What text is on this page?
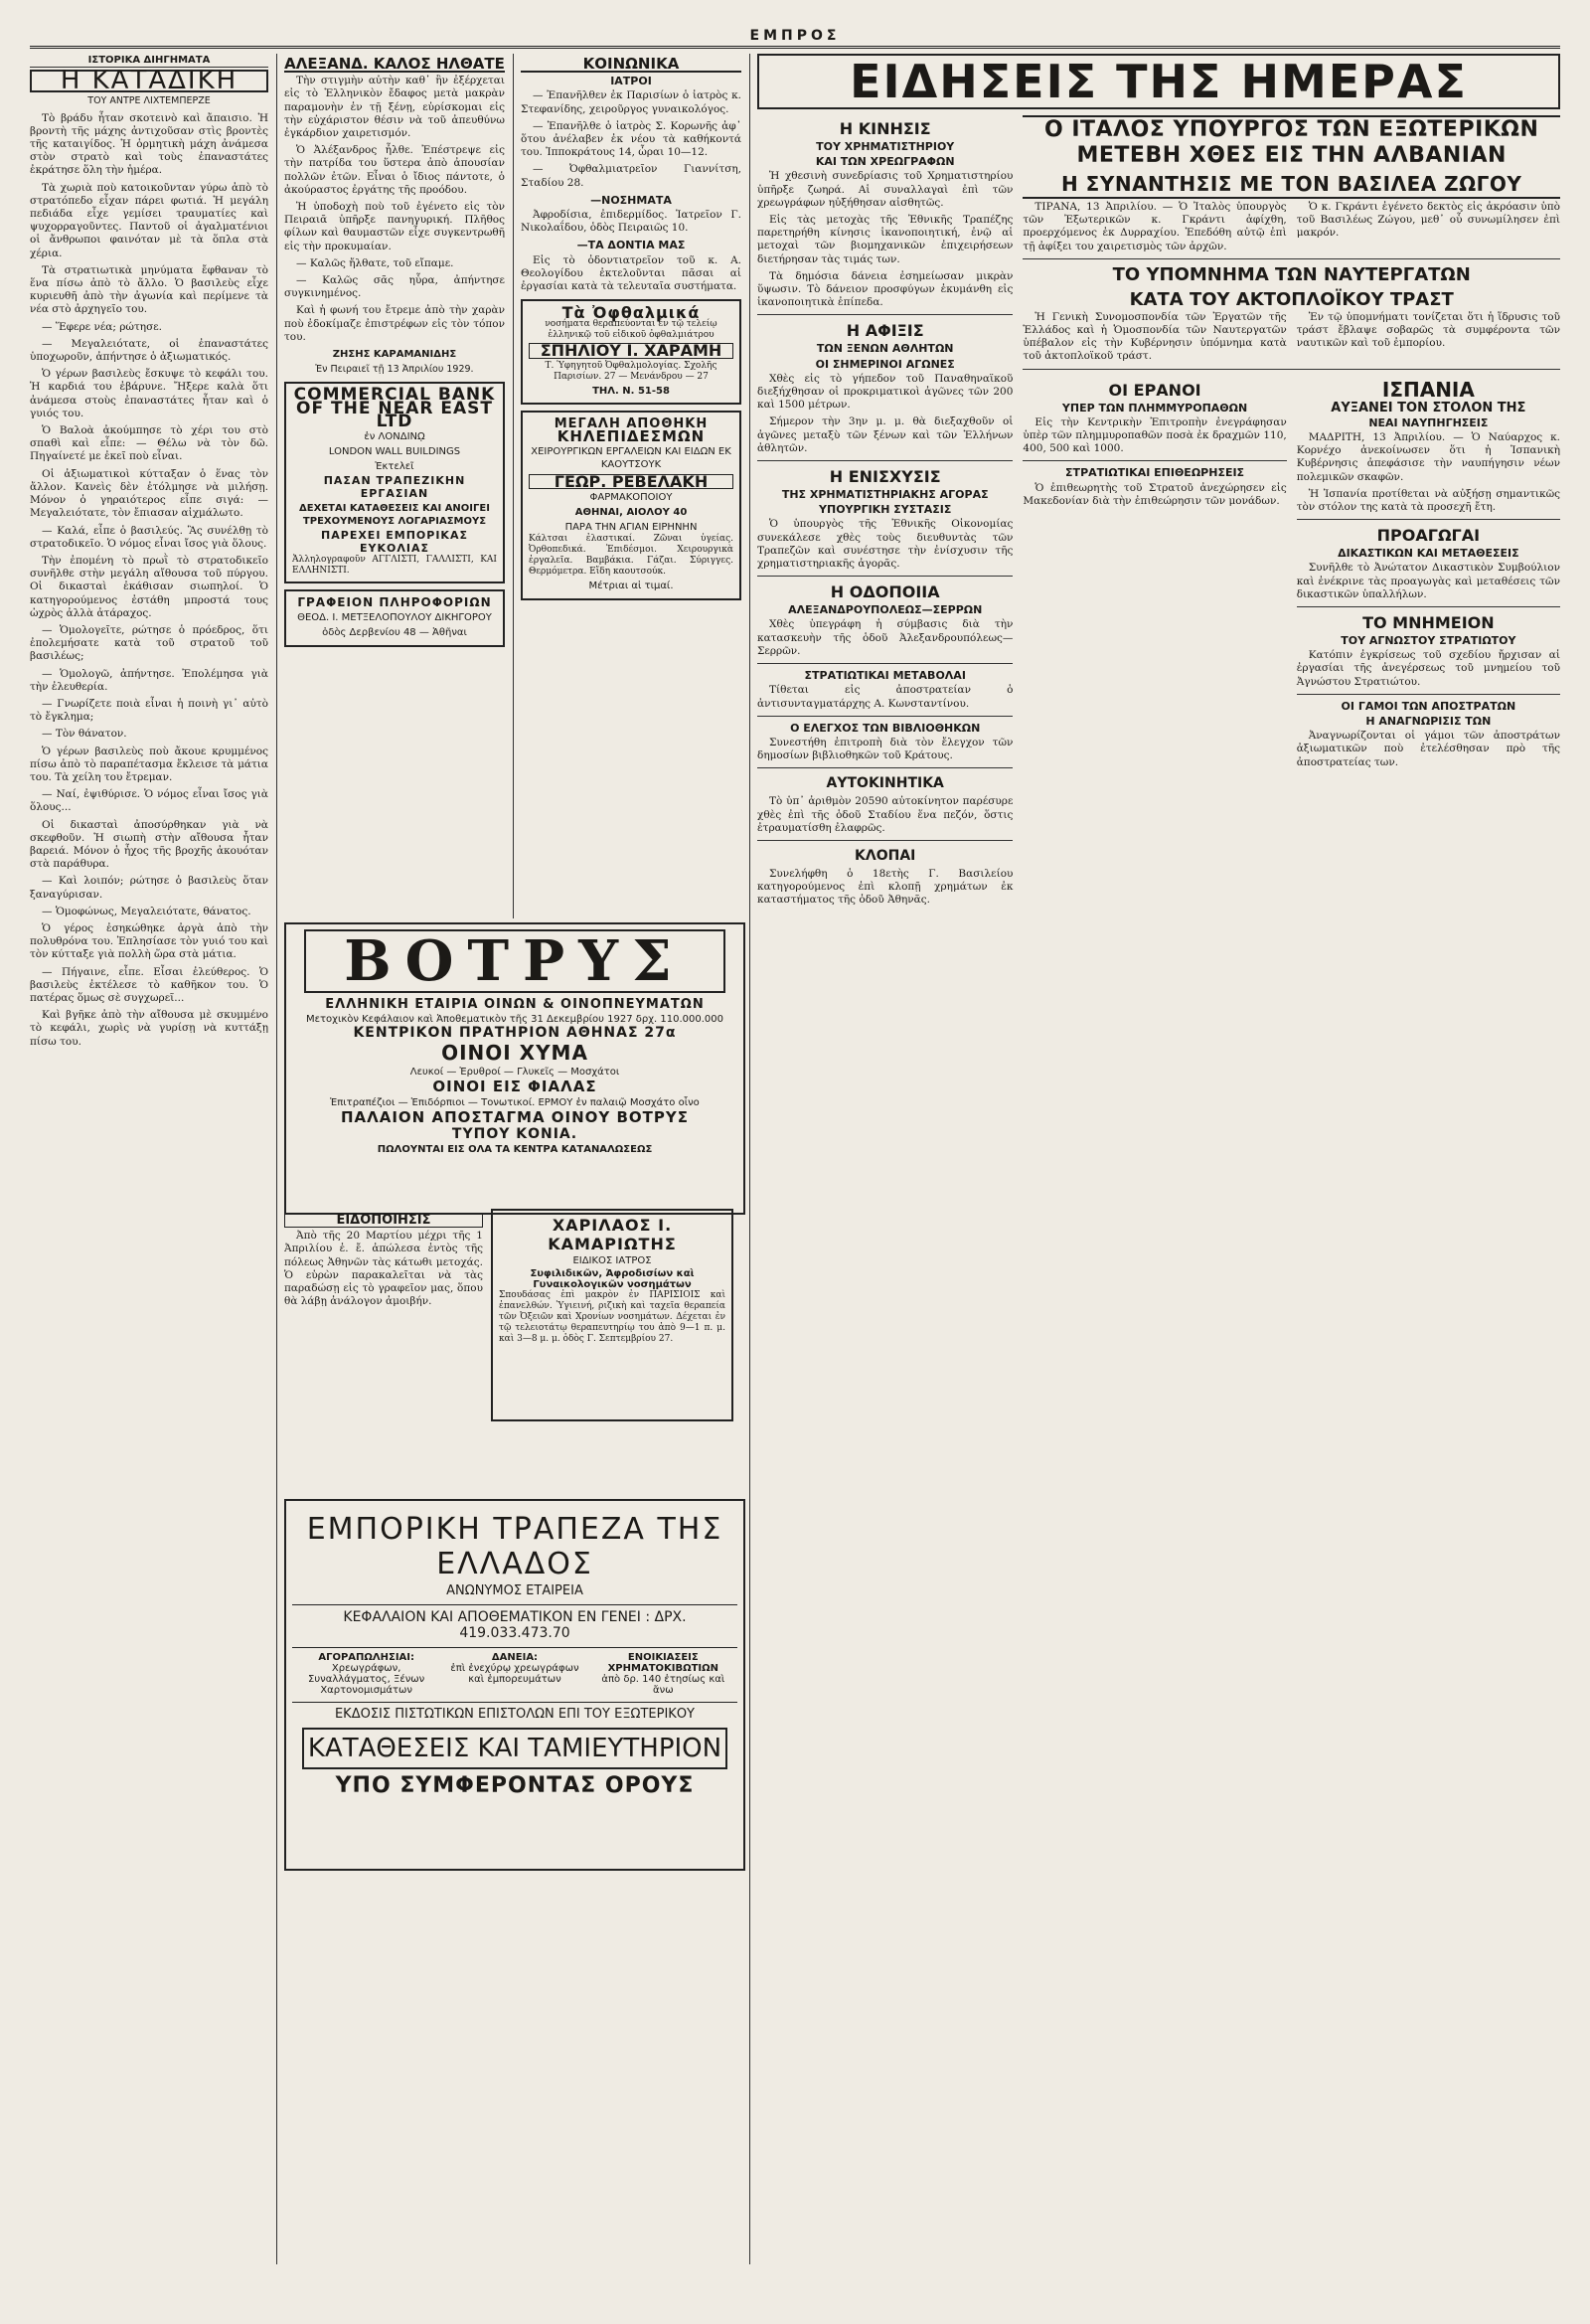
ΕΜΠΡΟΣ
ΙΣΤΟΡΙΚΑ ΔΙΗΓΗΜΑΤΑ
Η ΚΑΤΑΔΙΚΗ
ΤΟΥ ΑΝΤΡΕ ΛΙΧΤΕΜΠΕΡΖΕ

Τὸ βράδυ ἦταν σκοτεινὸ καὶ ἄπαισιο. Ἡ βροντὴ τῆς μάχης ἀντιχοῦσαν στὶς βροντὲς τῆς καταιγίδος. Ἡ ὁρμητικὴ μάχη ἀνάμεσα στὸν στρατὸ καὶ τοὺς ἐπαναστάτες ἐκράτησε ὅλη τὴν ἡμέρα.

Τὰ χωριὰ ποὺ κατοικοῦνταν γύρω ἀπὸ τὸ στρατόπεδο εἶχαν πάρει φωτιά. Ἡ μεγάλη πεδιάδα εἶχε γεμίσει τραυματίες καὶ ψυχορραγοῦντες. Παντοῦ οἱ ἀγαλματένιοι οἱ ἄνθρωποι φαινόταν μὲ τὰ ὅπλα στὰ χέρια.

Τὰ στρατιωτικὰ μηνύματα ἔφθαναν τὸ ἕνα πίσω ἀπὸ τὸ ἄλλο. Ὁ βασιλεὺς εἶχε κυριευθῆ ἀπὸ τὴν ἀγωνία καὶ περίμενε τὰ νέα στὸ ἀρχηγεῖο του.

— Ἕφερε νέα; ρώτησε.

— Μεγαλειότατε, οἱ ἐπαναστάτες ὑποχωροῦν, ἀπήντησε ὁ ἀξιωματικός.

Ὁ γέρων βασιλεὺς ἔσκυψε τὸ κεφάλι του. Ἡ καρδιά του ἐβάρυνε. Ἤξερε καλὰ ὅτι ἀνάμεσα στοὺς ἐπαναστάτες ἦταν καὶ ὁ γυιός του.

Ὁ Βαλοὰ ἀκούμπησε τὸ χέρι του στὸ σπαθὶ καὶ εἶπε: — Θέλω νὰ τὸν δῶ. Πηγαίνετέ με ἐκεῖ ποὺ εἶναι.

Οἱ ἀξιωματικοὶ κύτταξαν ὁ ἕνας τὸν ἄλλον. Κανεὶς δὲν ἐτόλμησε νὰ μιλήσῃ. Μόνον ὁ γηραιότερος εἶπε σιγά: — Μεγαλειότατε, τὸν ἔπιασαν αἰχμάλωτο.

— Καλά, εἶπε ὁ βασιλεύς. Ἂς συνέλθῃ τὸ στρατοδικεῖο. Ὁ νόμος εἶναι ἴσος γιὰ ὅλους.

Τὴν ἐπομένη τὸ πρωῒ τὸ στρατοδικεῖο συνῆλθε στὴν μεγάλη αἴθουσα τοῦ πύργου. Οἱ δικασταὶ ἐκάθισαν σιωπηλοί. Ὁ κατηγορούμενος ἐστάθη μπροστά τους ὠχρὸς ἀλλὰ ἀτάραχος.

— Ὁμολογεῖτε, ρώτησε ὁ πρόεδρος, ὅτι ἐπολεμήσατε κατὰ τοῦ στρατοῦ τοῦ βασιλέως;

— Ὁμολογῶ, ἀπήντησε. Ἐπολέμησα γιὰ τὴν ἐλευθερία.

— Γνωρίζετε ποιὰ εἶναι ἡ ποινὴ γι᾿ αὐτὸ τὸ ἔγκλημα;

— Τὸν θάνατον.

Ὁ γέρων βασιλεὺς ποὺ ἄκουε κρυμμένος πίσω ἀπὸ τὸ παραπέτασμα ἔκλεισε τὰ μάτια του. Τὰ χείλη του ἔτρεμαν.

— Ναί, ἐψιθύρισε. Ὁ νόμος εἶναι ἴσος γιὰ ὅλους...

Οἱ δικασταὶ ἀποσύρθηκαν γιὰ νὰ σκεφθοῦν. Ἡ σιωπὴ στὴν αἴθουσα ἦταν βαρειά. Μόνον ὁ ἦχος τῆς βροχῆς ἀκουόταν στὰ παράθυρα.

— Καὶ λοιπόν; ρώτησε ὁ βασιλεὺς ὅταν ξαναγύρισαν.

— Ὁμοφώνως, Μεγαλειότατε, θάνατος.

Ὁ γέρος ἐσηκώθηκε ἀργὰ ἀπὸ τὴν πολυθρόνα του. Ἐπλησίασε τὸν γυιό του καὶ τὸν κύτταξε γιὰ πολλὴ ὥρα στὰ μάτια.

— Πήγαινε, εἶπε. Εἶσαι ἐλεύθερος. Ὁ βασιλεὺς ἐκτέλεσε τὸ καθῆκον του. Ὁ πατέρας ὅμως σὲ συγχωρεῖ...

Καὶ βγῆκε ἀπὸ τὴν αἴθουσα μὲ σκυμμένο τὸ κεφάλι, χωρὶς νὰ γυρίσῃ νὰ κυττάξῃ πίσω του.

ΑΛΕΞΑΝΔ. ΚΑΛΟΣ ΗΛΘΑΤΕ

Τὴν στιγμὴν αὐτὴν καθ᾿ ἣν ἐξέρχεται εἰς τὸ Ἑλληνικὸν ἔδαφος μετὰ μακρὰν παραμονὴν ἐν τῇ ξένῃ, εὑρίσκομαι εἰς τὴν εὐχάριστον θέσιν νὰ τοῦ ἀπευθύνω ἐγκάρδιον χαιρετισμόν.

Ὁ Ἀλέξανδρος ἦλθε. Ἐπέστρεψε εἰς τὴν πατρίδα του ὕστερα ἀπὸ ἀπουσίαν πολλῶν ἐτῶν. Εἶναι ὁ ἴδιος πάντοτε, ὁ ἀκούραστος ἐργάτης τῆς προόδου.

Ἡ ὑποδοχὴ ποὺ τοῦ ἐγένετο εἰς τὸν Πειραιᾶ ὑπῆρξε πανηγυρική. Πλῆθος φίλων καὶ θαυμαστῶν εἶχε συγκεντρωθῆ εἰς τὴν προκυμαίαν.

— Καλῶς ἤλθατε, τοῦ εἴπαμε.

— Καλῶς σᾶς ηὗρα, ἀπήντησε συγκινημένος.

Καὶ ἡ φωνή του ἔτρεμε ἀπὸ τὴν χαρὰν ποὺ ἐδοκίμαζε ἐπιστρέφων εἰς τὸν τόπον του.

ΖΗΣΗΣ ΚΑΡΑΜΑΝΙΔΗΣ
Ἐν Πειραιεῖ τῇ 13 Ἀπριλίου 1929.
COMMERCIAL BANK OF THE NEAR EAST LTD
ἐν ΛΟΝΔΙΝῼ
LONDON WALL BUILDINGS
Ἐκτελεῖ
ΠΑΣΑΝ ΤΡΑΠΕΖΙΚΗΝ ΕΡΓΑΣΙΑΝ
ΔΕΧΕΤΑΙ ΚΑΤΑΘΕΣΕΙΣ ΚΑΙ ΑΝΟΙΓΕΙ ΤΡΕΧΟΥΜΕΝΟΥΣ ΛΟΓΑΡΙΑΣΜΟΥΣ
ΠΑΡΕΧΕΙ ΕΜΠΟΡΙΚΑΣ ΕΥΚΟΛΙΑΣ
Ἀλληλογραφοῦν ΑΓΓΛΙΣΤΙ, ΓΑΛΛΙΣΤΙ, ΚΑΙ ΕΛΛΗΝΙΣΤΙ.
ΓΡΑΦΕΙΟΝ ΠΛΗΡΟΦΟΡΙΩΝ
ΘΕΟΔ. Ι. ΜΕΤΞΕΛΟΠΟΥΛΟΥ ΔΙΚΗΓΟΡΟΥ
ὁδὸς Δερβενίου 48 — Ἀθῆναι
ΚΟΙΝΩΝΙΚΑ
ΙΑΤΡΟΙ

— Ἐπανῆλθεν ἐκ Παρισίων ὁ ἰατρὸς κ. Στεφανίδης, χειροῦργος γυναικολόγος.

— Ἐπανῆλθε ὁ ἰατρὸς Σ. Κορωνῆς ἀφ᾿ ὅτου ἀνέλαβεν ἐκ νέου τὰ καθήκοντά του. Ἱπποκράτους 14, ὧραι 10—12.

— Ὀφθαλμιατρεῖον Γιαννίτση, Σταδίου 28.

—ΝΟΣΗΜΑΤΑ

Ἀφροδίσια, ἐπιδερμίδος. Ἱατρεῖον Γ. Νικολαΐδου, ὁδὸς Πειραιῶς 10.

—ΤΑ ΔΟΝΤΙΑ ΜΑΣ

Εἰς τὸ ὀδοντιατρεῖον τοῦ κ. Α. Θεολογίδου ἐκτελοῦνται πᾶσαι αἱ ἐργασίαι κατὰ τὰ τελευταῖα συστήματα.

Τὰ Ὀφθαλμικά
νοσήματα θεραπεύονται ἐν τῷ τελείῳ ἑλληνικῷ τοῦ εἰδικοῦ ὀφθαλμιάτρου
ΣΠΗΛΙΟΥ Ι. ΧΑΡΑΜΗ
Τ. Ὑφηγητοῦ Ὀφθαλμολογίας. Σχολῆς Παρισίων. 27 — Μενάνδρου — 27
ΤΗΛ. Ν. 51-58
ΜΕΓΑΛΗ ΑΠΟΘΗΚΗ
ΚΗΛΕΠΙΔΕΣΜΩΝ
ΧΕΙΡΟΥΡΓΙΚΩΝ ΕΡΓΑΛΕΙΩΝ ΚΑΙ ΕΙΔΩΝ ΕΚ ΚΑΟΥΤΣΟΥΚ
ΓΕΩΡ. ΡΕΒΕΛΑΚΗ
ΦΑΡΜΑΚΟΠΟΙΟΥ
ΑΘΗΝΑΙ, ΑΙΟΛΟΥ 40
ΠΑΡΑ ΤΗΝ ΑΓΙΑΝ ΕΙΡΗΝΗΝ
Κάλτσαι ἐλαστικαί. Ζῶναι ὑγείας. Ὀρθοπεδικά. Ἐπιδέσμοι. Χειρουργικὰ ἐργαλεῖα. Βαμβάκια. Γάζαι. Σύριγγες. Θερμόμετρα. Εἴδη καουτσούκ.
Μέτριαι αἱ τιμαί.
ΒΟΤΡΥΣ
ΕΛΛΗΝΙΚΗ ΕΤΑΙΡΙΑ ΟΙΝΩΝ & ΟΙΝΟΠΝΕΥΜΑΤΩΝ
Μετοχικὸν Κεφάλαιον καὶ Ἀποθεματικὸν τῆς 31 Δεκεμβρίου 1927 δρχ. 110.000.000
ΚΕΝΤΡΙΚΟΝ ΠΡΑΤΗΡΙΟΝ ΑΘΗΝΑΣ 27α
ΟΙΝΟΙ ΧΥΜΑ
Λευκοί — Ἐρυθροί — Γλυκεῖς — Μοσχάτοι
ΟΙΝΟΙ ΕΙΣ ΦΙΑΛΑΣ
Ἐπιτραπέζιοι — Ἐπιδόρπιοι — Τονωτικοί. ΕΡΜΟΥ ἐν παλαιῷ Μοσχάτο οἶνο
ΠΑΛΑΙΟΝ ΑΠΟΣΤΑΓΜΑ ΟΙΝΟΥ ΒΟΤΡΥΣ
ΤΥΠΟΥ ΚΟΝΙΑ.
ΠΩΛΟΥΝΤΑΙ ΕΙΣ ΟΛΑ ΤΑ ΚΕΝΤΡΑ ΚΑΤΑΝΑΛΩΣΕΩΣ
ΕΙΔΟΠΟΙΗΣΙΣ

Ἀπὸ τῆς 20 Μαρτίου μέχρι τῆς 1 Ἀπριλίου ἐ. ἔ. ἀπώλεσα ἐντὸς τῆς πόλεως Ἀθηνῶν τὰς κάτωθι μετοχάς. Ὁ εὑρὼν παρακαλεῖται νὰ τὰς παραδώσῃ εἰς τὸ γραφεῖον μας, ὅπου θὰ λάβῃ ἀνάλογον ἀμοιβήν.

ΧΑΡΙΛΑΟΣ Ι. ΚΑΜΑΡΙΩΤΗΣ
ΕΙΔΙΚΟΣ ΙΑΤΡΟΣ
Συφιλιδικῶν, Ἀφροδισίων καὶ Γυναικολογικῶν νοσημάτων
Σπουδάσας ἐπὶ μακρὸν ἐν ΠΑΡΙΣΙΟΙΣ καὶ ἐπανελθών. Ὑγιεινή, ριζικὴ καὶ ταχεῖα θεραπεία τῶν Ὀξειῶν καὶ Χρονίων νοσημάτων. Δέχεται ἐν τῷ τελειοτάτῳ θεραπευτηρίῳ του ἀπὸ 9—1 π. μ. καὶ 3—8 μ. μ. ὁδὸς Γ. Σεπτεμβρίου 27.
ΕΜΠΟΡΙΚΗ ΤΡΑΠΕΖΑ ΤΗΣ ΕΛΛΑΔΟΣ
ΑΝΩΝΥΜΟΣ ΕΤΑΙΡΕΙΑ
ΚΕΦΑΛΑΙΟΝ ΚΑΙ ΑΠΟΘΕΜΑΤΙΚΟΝ ΕΝ ΓΕΝΕΙ : ΔΡΧ. 419.033.473.70
ΑΓΟΡΑΠΩΛΗΣΙΑΙ:
Χρεωγράφων, Συναλλάγματος, Ξένων Χαρτονομισμάτων
ΔΑΝΕΙΑ:
ἐπὶ ἐνεχύρῳ χρεωγράφων καὶ ἐμπορευμάτων
ΕΝΟΙΚΙΑΣΕΙΣ ΧΡΗΜΑΤΟΚΙΒΩΤΙΩΝ
ἀπὸ δρ. 140 ἐτησίως καὶ ἄνω
ΕΚΔΟΣΙΣ ΠΙΣΤΩΤΙΚΩΝ ΕΠΙΣΤΟΛΩΝ ΕΠΙ ΤΟΥ ΕΞΩΤΕΡΙΚΟΥ
ΚΑΤΑΘΕΣΕΙΣ ΚΑΙ ΤΑΜΙΕΥΤΗΡΙΟΝ
ΥΠΟ ΣΥΜΦΕΡΟΝΤΑΣ ΟΡΟΥΣ
ΕΙΔΗΣΕΙΣ ΤΗΣ ΗΜΕΡΑΣ
Η ΚΙΝΗΣΙΣ
ΤΟΥ ΧΡΗΜΑΤΙΣΤΗΡΙΟΥ
ΚΑΙ ΤΩΝ ΧΡΕΩΓΡΑΦΩΝ

Ἡ χθεσινὴ συνεδρίασις τοῦ Χρηματιστηρίου ὑπῆρξε ζωηρά. Αἱ συναλλαγαὶ ἐπὶ τῶν χρεωγράφων ηὐξήθησαν αἰσθητῶς.

Εἰς τὰς μετοχὰς τῆς Ἐθνικῆς Τραπέζης παρετηρήθη κίνησις ἱκανοποιητική, ἐνῷ αἱ μετοχαὶ τῶν βιομηχανικῶν ἐπιχειρήσεων διετήρησαν τὰς τιμάς των.

Τὰ δημόσια δάνεια ἐσημείωσαν μικρὰν ὕψωσιν. Τὸ δάνειον προσφύγων ἐκυμάνθη εἰς ἱκανοποιητικὰ ἐπίπεδα.

Η ΑΦΙΞΙΣ
ΤΩΝ ΞΕΝΩΝ ΑΘΛΗΤΩΝ
ΟΙ ΣΗΜΕΡΙΝΟΙ ΑΓΩΝΕΣ

Χθὲς εἰς τὸ γήπεδον τοῦ Παναθηναϊκοῦ διεξήχθησαν οἱ προκριματικοὶ ἀγῶνες τῶν 200 καὶ 1500 μέτρων.

Σήμερον τὴν 3ην μ. μ. θὰ διεξαχθοῦν οἱ ἀγῶνες μεταξὺ τῶν ξένων καὶ τῶν Ἑλλήνων ἀθλητῶν.

Η ΕΝΙΣΧΥΣΙΣ
ΤΗΣ ΧΡΗΜΑΤΙΣΤΗΡΙΑΚΗΣ ΑΓΟΡΑΣ
ΥΠΟΥΡΓΙΚΗ ΣΥΣΤΑΣΙΣ

Ὁ ὑπουργὸς τῆς Ἐθνικῆς Οἰκονομίας συνεκάλεσε χθὲς τοὺς διευθυντὰς τῶν Τραπεζῶν καὶ συνέστησε τὴν ἐνίσχυσιν τῆς χρηματιστηριακῆς ἀγορᾶς.

Η ΟΔΟΠΟΙΙΑ
ΑΛΕΞΑΝΔΡΟΥΠΟΛΕΩΣ—ΣΕΡΡΩΝ

Χθὲς ὑπεγράφη ἡ σύμβασις διὰ τὴν κατασκευὴν τῆς ὁδοῦ Ἀλεξανδρουπόλεως—Σερρῶν.

ΣΤΡΑΤΙΩΤΙΚΑΙ ΜΕΤΑΒΟΛΑΙ

Τίθεται εἰς ἀποστρατείαν ὁ ἀντισυνταγματάρχης Α. Κωνσταντίνου.

Ο ΕΛΕΓΧΟΣ ΤΩΝ ΒΙΒΛΙΟΘΗΚΩΝ

Συνεστήθη ἐπιτροπὴ διὰ τὸν ἔλεγχον τῶν δημοσίων βιβλιοθηκῶν τοῦ Κράτους.

ΑΥΤΟΚΙΝΗΤΙΚΑ

Τὸ ὑπ᾿ ἀριθμὸν 20590 αὐτοκίνητον παρέσυρε χθὲς ἐπὶ τῆς ὁδοῦ Σταδίου ἕνα πεζόν, ὅστις ἐτραυματίσθη ἐλαφρῶς.

ΚΛΟΠΑΙ

Συνελήφθη ὁ 18ετὴς Γ. Βασιλείου κατηγορούμενος ἐπὶ κλοπῇ χρημάτων ἐκ καταστήματος τῆς ὁδοῦ Ἀθηνᾶς.

Ο ΙΤΑΛΟΣ ΥΠΟΥΡΓΟΣ ΤΩΝ ΕΞΩΤΕΡΙΚΩΝ ΜΕΤΕΒΗ ΧΘΕΣ ΕΙΣ ΤΗΝ ΑΛΒΑΝΙΑΝ
Η ΣΥΝΑΝΤΗΣΙΣ ΜΕ ΤΟΝ ΒΑΣΙΛΕΑ ΖΩΓΟΥ

ΤΙΡΑΝΑ, 13 Ἀπριλίου. — Ὁ Ἰταλὸς ὑπουργὸς τῶν Ἐξωτερικῶν κ. Γκράντι ἀφίχθη, προερχόμενος ἐκ Δυρραχίου. Ἐπεδόθη αὐτῷ ἐπὶ τῇ ἀφίξει του χαιρετισμὸς τῶν ἀρχῶν.

Ὁ κ. Γκράντι ἐγένετο δεκτὸς εἰς ἀκρόασιν ὑπὸ τοῦ Βασιλέως Ζώγου, μεθ᾿ οὗ συνωμίλησεν ἐπὶ μακρόν.

ΤΟ ΥΠΟΜΝΗΜΑ ΤΩΝ ΝΑΥΤΕΡΓΑΤΩΝ
ΚΑΤΑ ΤΟΥ ΑΚΤΟΠΛΟΪΚΟΥ ΤΡΑΣΤ

Ἡ Γενικὴ Συνομοσπονδία τῶν Ἐργατῶν τῆς Ἑλλάδος καὶ ἡ Ὁμοσπονδία τῶν Ναυτεργατῶν ὑπέβαλον εἰς τὴν Κυβέρνησιν ὑπόμνημα κατὰ τοῦ ἀκτοπλοϊκοῦ τράστ.

Ἐν τῷ ὑπομνήματι τονίζεται ὅτι ἡ ἵδρυσις τοῦ τράστ ἔβλαψε σοβαρῶς τὰ συμφέροντα τῶν ναυτικῶν καὶ τοῦ ἐμπορίου.

ΟΙ ΕΡΑΝΟΙ
ΥΠΕΡ ΤΩΝ ΠΛΗΜΜΥΡΟΠΑΘΩΝ

Εἰς τὴν Κεντρικὴν Ἐπιτροπὴν ἐνεγράφησαν ὑπὲρ τῶν πλημμυροπαθῶν ποσὰ ἐκ δραχμῶν 110, 400, 500 καὶ 1000.

ΣΤΡΑΤΙΩΤΙΚΑΙ ΕΠΙΘΕΩΡΗΣΕΙΣ

Ὁ ἐπιθεωρητὴς τοῦ Στρατοῦ ἀνεχώρησεν εἰς Μακεδονίαν διὰ τὴν ἐπιθεώρησιν τῶν μονάδων.

ΙΣΠΑΝΙΑ
ΑΥΞΑΝΕΙ ΤΟΝ ΣΤΟΛΟΝ ΤΗΣ
ΝΕΑΙ ΝΑΥΠΗΓΗΣΕΙΣ

ΜΑΔΡΙΤΗ, 13 Ἀπριλίου. — Ὁ Ναύαρχος κ. Κορνέχο ἀνεκοίνωσεν ὅτι ἡ Ἱσπανικὴ Κυβέρνησις ἀπεφάσισε τὴν ναυπήγησιν νέων πολεμικῶν σκαφῶν.

Ἡ Ἱσπανία προτίθεται νὰ αὐξήσῃ σημαντικῶς τὸν στόλον της κατὰ τὰ προσεχῆ ἔτη.

ΠΡΟΑΓΩΓΑΙ
ΔΙΚΑΣΤΙΚΩΝ ΚΑΙ ΜΕΤΑΘΕΣΕΙΣ

Συνῆλθε τὸ Ἀνώτατον Δικαστικὸν Συμβούλιον καὶ ἐνέκρινε τὰς προαγωγὰς καὶ μεταθέσεις τῶν δικαστικῶν ὑπαλλήλων.

ΤΟ ΜΝΗΜΕΙΟΝ
ΤΟΥ ΑΓΝΩΣΤΟΥ ΣΤΡΑΤΙΩΤΟΥ

Κατόπιν ἐγκρίσεως τοῦ σχεδίου ἤρχισαν αἱ ἐργασίαι τῆς ἀνεγέρσεως τοῦ μνημείου τοῦ Ἀγνώστου Στρατιώτου.

ΟΙ ΓΑΜΟΙ ΤΩΝ ΑΠΟΣΤΡΑΤΩΝ
Η ΑΝΑΓΝΩΡΙΣΙΣ ΤΩΝ

Ἀναγνωρίζονται οἱ γάμοι τῶν ἀποστράτων ἀξιωματικῶν ποὺ ἐτελέσθησαν πρὸ τῆς ἀποστρατείας των.
